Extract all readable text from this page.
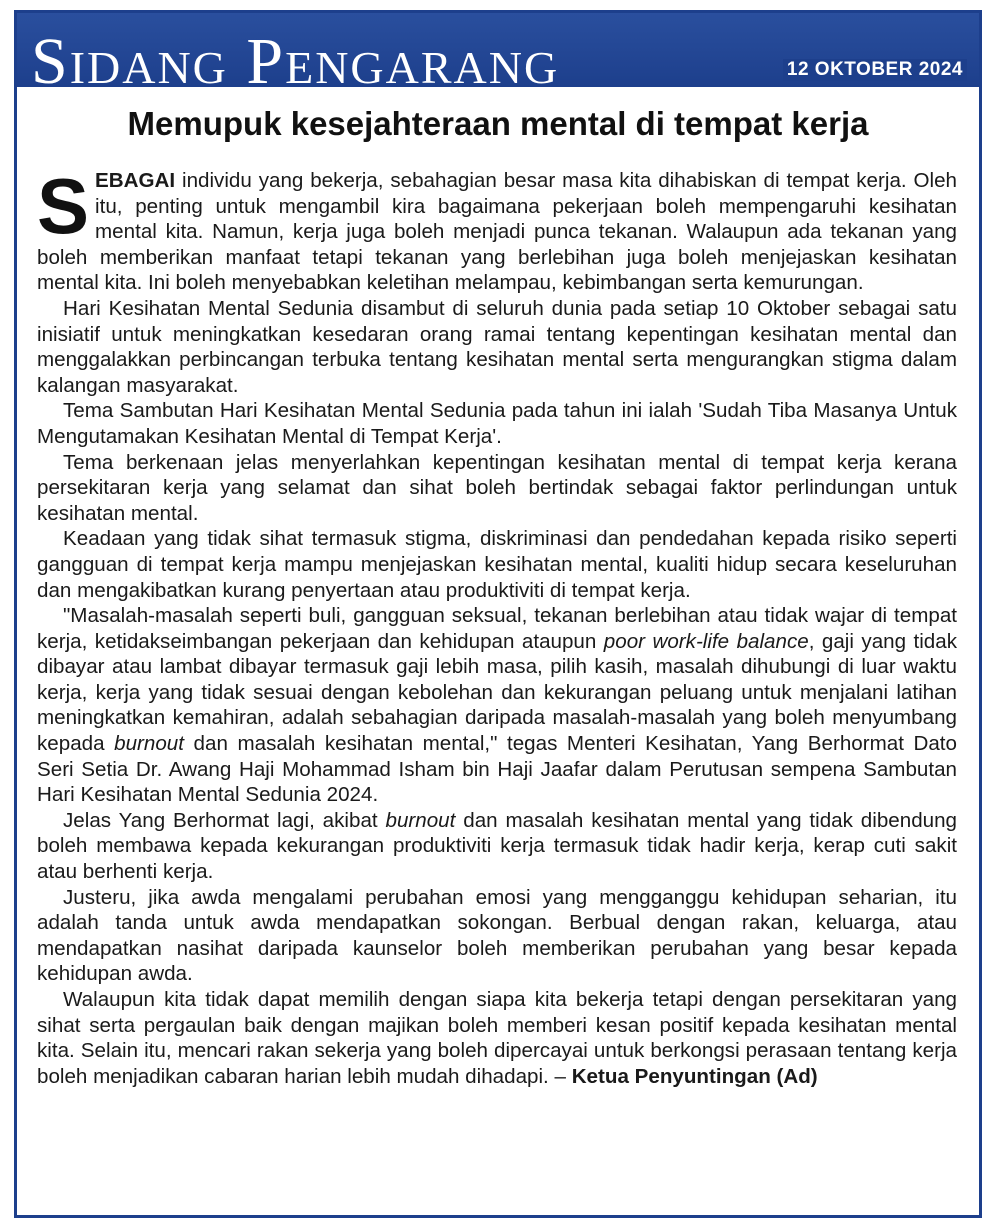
Sidang Pengarang	12 OKTOBER 2024
Memupuk kesejahteraan mental di tempat kerja

SEBAGAI individu yang bekerja, sebahagian besar masa kita dihabiskan di tempat kerja. Oleh itu, penting untuk mengambil kira bagaimana pekerjaan boleh mempengaruhi kesihatan mental kita. Namun, kerja juga boleh menjadi punca tekanan. Walaupun ada tekanan yang boleh memberikan manfaat tetapi tekanan yang berlebihan juga boleh menjejaskan kesihatan mental kita. Ini boleh menyebabkan keletihan melampau, kebimbangan serta kemurungan.

Hari Kesihatan Mental Sedunia disambut di seluruh dunia pada setiap 10 Oktober sebagai satu inisiatif untuk meningkatkan kesedaran orang ramai tentang kepentingan kesihatan mental dan menggalakkan perbincangan terbuka tentang kesihatan mental serta mengurangkan stigma dalam kalangan masyarakat.

Tema Sambutan Hari Kesihatan Mental Sedunia pada tahun ini ialah 'Sudah Tiba Masanya Untuk Mengutamakan Kesihatan Mental di Tempat Kerja'.

Tema berkenaan jelas menyerlahkan kepentingan kesihatan mental di tempat kerja kerana persekitaran kerja yang selamat dan sihat boleh bertindak sebagai faktor perlindungan untuk kesihatan mental.

Keadaan yang tidak sihat termasuk stigma, diskriminasi dan pendedahan kepada risiko seperti gangguan di tempat kerja mampu menjejaskan kesihatan mental, kualiti hidup secara keseluruhan dan mengakibatkan kurang penyertaan atau produktiviti di tempat kerja.

"Masalah-masalah seperti buli, gangguan seksual, tekanan berlebihan atau tidak wajar di tempat kerja, ketidakseimbangan pekerjaan dan kehidupan ataupun poor work-life balance, gaji yang tidak dibayar atau lambat dibayar termasuk gaji lebih masa, pilih kasih, masalah dihubungi di luar waktu kerja, kerja yang tidak sesuai dengan kebolehan dan kekurangan peluang untuk menjalani latihan meningkatkan kemahiran, adalah sebahagian daripada masalah-masalah yang boleh menyumbang kepada burnout dan masalah kesihatan mental," tegas Menteri Kesihatan, Yang Berhormat Dato Seri Setia Dr. Awang Haji Mohammad Isham bin Haji Jaafar dalam Perutusan sempena Sambutan Hari Kesihatan Mental Sedunia 2024.

Jelas Yang Berhormat lagi, akibat burnout dan masalah kesihatan mental yang tidak dibendung boleh membawa kepada kekurangan produktiviti kerja termasuk tidak hadir kerja, kerap cuti sakit atau berhenti kerja.

Justeru, jika awda mengalami perubahan emosi yang mengganggu kehidupan seharian, itu adalah tanda untuk awda mendapatkan sokongan. Berbual dengan rakan, keluarga, atau mendapatkan nasihat daripada kaunselor boleh memberikan perubahan yang besar kepada kehidupan awda.

Walaupun kita tidak dapat memilih dengan siapa kita bekerja tetapi dengan persekitaran yang sihat serta pergaulan baik dengan majikan boleh memberi kesan positif kepada kesihatan mental kita. Selain itu, mencari rakan sekerja yang boleh dipercayai untuk berkongsi perasaan tentang kerja boleh menjadikan cabaran harian lebih mudah dihadapi. – Ketua Penyuntingan (Ad)
